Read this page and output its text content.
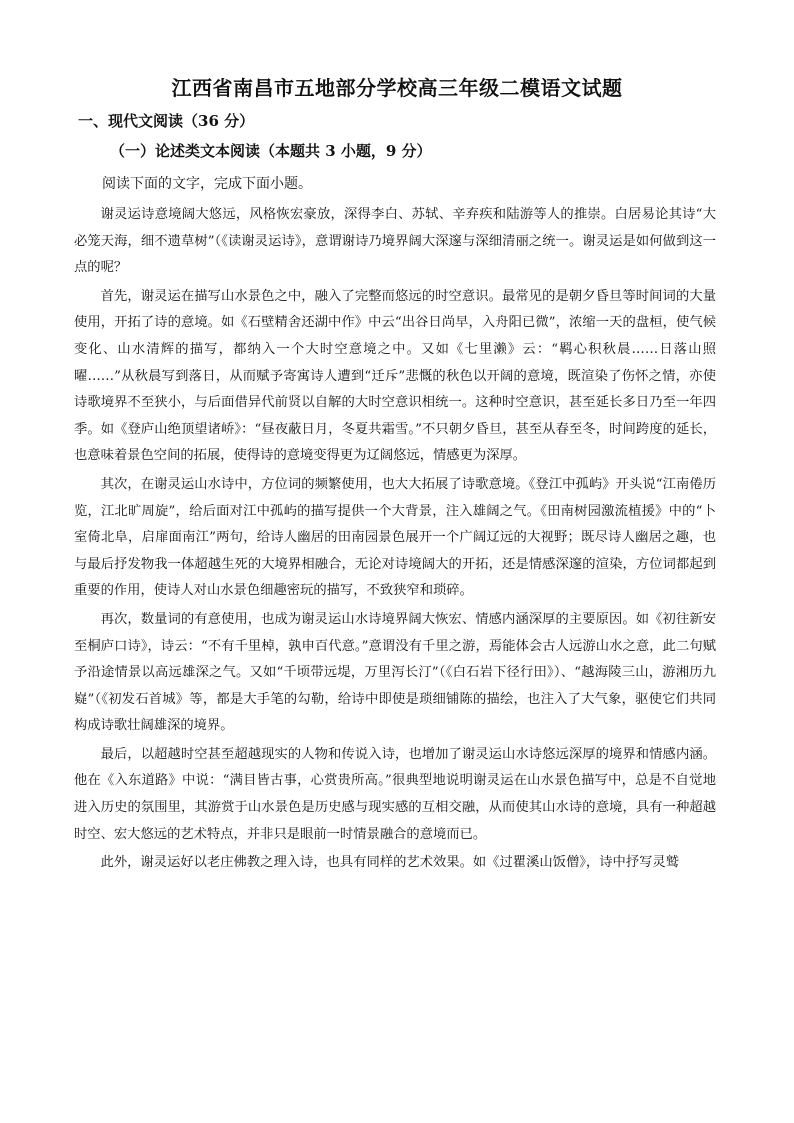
江西省南昌市五地部分学校高三年级二模语文试题
一、现代文阅读（36 分）
（一）论述类文本阅读（本题共 3 小题，9 分）
阅读下面的文字，完成下面小题。

谢灵运诗意境阔大悠远，风格恢宏豪放，深得李白、苏轼、辛弃疾和陆游等人的推崇。白居易论其诗“大必笼天海，细不遗草树”（《读谢灵运诗》，意谓谢诗乃境界阔大深邃与深细清丽之统一。谢灵运是如何做到这一点的呢？

首先，谢灵运在描写山水景色之中，融入了完整而悠远的时空意识。最常见的是朝夕昏旦等时间词的大量使用，开拓了诗的意境。如《石壁精舍还湖中作》中云“出谷日尚早，入舟阳已微”，浓缩一天的盘桓，使气候变化、山水清辉的描写，都纳入一个大时空意境之中。又如《七里濑》云：“羁心积秋晨……日落山照曜……”从秋晨写到落日，从而赋予寄寓诗人遭到“迁斥”悲慨的秋色以开阔的意境，既渲染了伤怀之情，亦使诗歌境界不至狭小，与后面借异代前贤以自解的大时空意识相统一。这种时空意识，甚至延长多日乃至一年四季。如《登庐山绝顶望诸峤》：“昼夜蔽日月，冬夏共霜雪。”不只朝夕昏旦，甚至从春至冬，时间跨度的延长，也意味着景色空间的拓展，使得诗的意境变得更为辽阔悠远，情感更为深厚。

其次，在谢灵运山水诗中，方位词的频繁使用，也大大拓展了诗歌意境。《登江中孤屿》开头说“江南倦历览，江北旷周旋”，给后面对江中孤屿的描写提供一个大背景，注入雄阔之气。《田南树园激流植援》中的“卜室倚北阜，启扉面南江”两句，给诗人幽居的田南园景色展开一个广阔辽远的大视野；既尽诗人幽居之趣，也与最后抒发物我一体超越生死的大境界相融合，无论对诗境阔大的开拓，还是情感深邃的渲染，方位词都起到重要的作用，使诗人对山水景色细趣密玩的描写，不致狭窄和琐碎。

再次，数量词的有意使用，也成为谢灵运山水诗境界阔大恢宏、情感内涵深厚的主要原因。如《初往新安至桐庐口诗》，诗云：“不有千里棹，孰申百代意。”意谓没有千里之游，焉能体会古人远游山水之意，此二句赋予沿途情景以高远雄深之气。又如“千顷带远堤，万里泻长汀”（《白石岩下径行田》）、“越海陵三山，游湘历九嶷”（《初发石首城》等，都是大手笔的勾勒，给诗中即使是琐细铺陈的描绘，也注入了大气象，驱使它们共同构成诗歌壮阔雄深的境界。

最后，以超越时空甚至超越现实的人物和传说入诗，也增加了谢灵运山水诗悠远深厚的境界和情感内涵。他在《入东道路》中说：“满目皆古事，心赏贵所高。”很典型地说明谢灵运在山水景色描写中，总是不自觉地进入历史的氛围里，其游赏于山水景色是历史感与现实感的互相交融，从而使其山水诗的意境，具有一种超越时空、宏大悠远的艺术特点，并非只是眼前一时情景融合的意境而已。

此外，谢灵运好以老庄佛教之理入诗，也具有同样的艺术效果。如《过瞿溪山饭僧》，诗中抒写灵鹫
